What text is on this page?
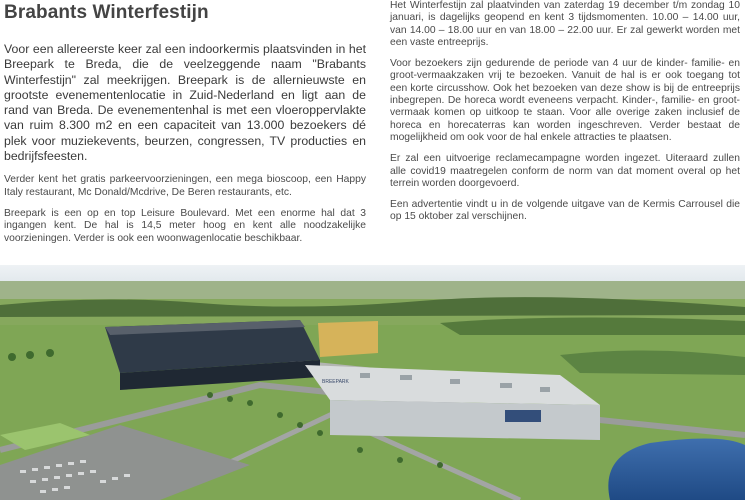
Brabants Winterfestijn

Voor een allereerste keer zal een indoorkermis plaatsvinden in het Breepark te Breda, die de veelzeggende naam "Brabants Winterfestijn" zal meekrijgen. Breepark is de allernieuwste en grootste evenementenlocatie in Zuid-Nederland en ligt aan de rand van Breda. De evenementenhal is met een vloeroppervlakte van ruim 8.300 m2 en een capaciteit van 13.000 bezoekers dé plek voor muziekevents, beurzen, congressen, TV producties en bedrijfsfeesten.

Verder kent het gratis parkeervoorzieningen, een mega bioscoop, een Happy Italy restaurant, Mc Donald/Mcdrive, De Beren restaurants, etc.

Breepark is een op en top Leisure Boulevard. Met een enorme hal dat 3 ingangen kent. De hal is 14,5 meter hoog en kent alle noodzakelijke voorzieningen. Verder is ook een woonwagenlocatie beschikbaar.

Het Winterfestijn zal plaatvinden van zaterdag 19 december t/m zondag 10 januari, is dagelijks geopend en kent 3 tijdsmomenten. 10.00 – 14.00 uur, van 14.00 – 18.00 uur en van 18.00 – 22.00 uur. Er zal gewerkt worden met een vaste entreeprijs.

Voor bezoekers zijn gedurende de periode van 4 uur de kinder- familie- en groot-vermaakzaken vrij te bezoeken. Vanuit de hal is er ook toegang tot een korte circusshow. Ook het bezoeken van deze show is bij de entreeprijs inbegrepen. De horeca wordt eveneens verpacht. Kinder-, familie- en groot-vermaak komen op uitkoop te staan. Voor alle overige zaken inclusief de horeca en horecaterras kan worden ingeschreven. Verder bestaat de mogelijkheid om ook voor de hal enkele attracties te plaatsen.

Er zal een uitvoerige reclamecampagne worden ingezet. Uiteraard zullen alle covid19 maatregelen conform de norm van dat moment overal op het terrein worden doorgevoerd.

Een advertentie vindt u in de volgende uitgave van de Kermis Carrousel die op 15 oktober zal verschijnen.

BREEPARK
